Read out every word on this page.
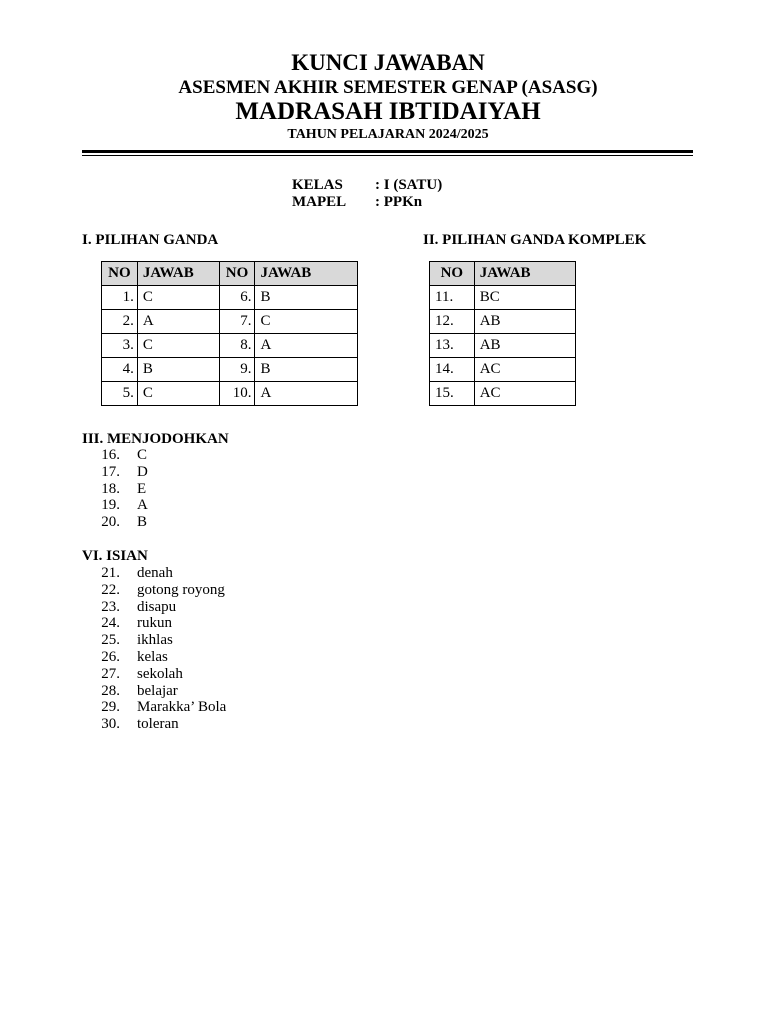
KUNCI JAWABAN
ASESMEN AKHIR SEMESTER GENAP (ASASG)
MADRASAH IBTIDAIYAH
TAHUN PELAJARAN 2024/2025
KELAS : I (SATU)
MAPEL : PPKn
I. PILIHAN GANDA	II. PILIHAN GANDA KOMPLEK
NO	JAWAB	NO	JAWAB
1.	C	6.	B
2.	A	7.	C
3.	C	8.	A
4.	B	9.	B
5.	C	10.	A
NO	JAWAB
11.	BC
12.	AB
13.	AB
14.	AC
15.	AC
III. MENJODOHKAN
16. C
17. D
18. E
19. A
20. B
VI. ISIAN
21. denah
22. gotong royong
23. disapu
24. rukun
25. ikhlas
26. kelas
27. sekolah
28. belajar
29. Marakka’ Bola
30. toleran
